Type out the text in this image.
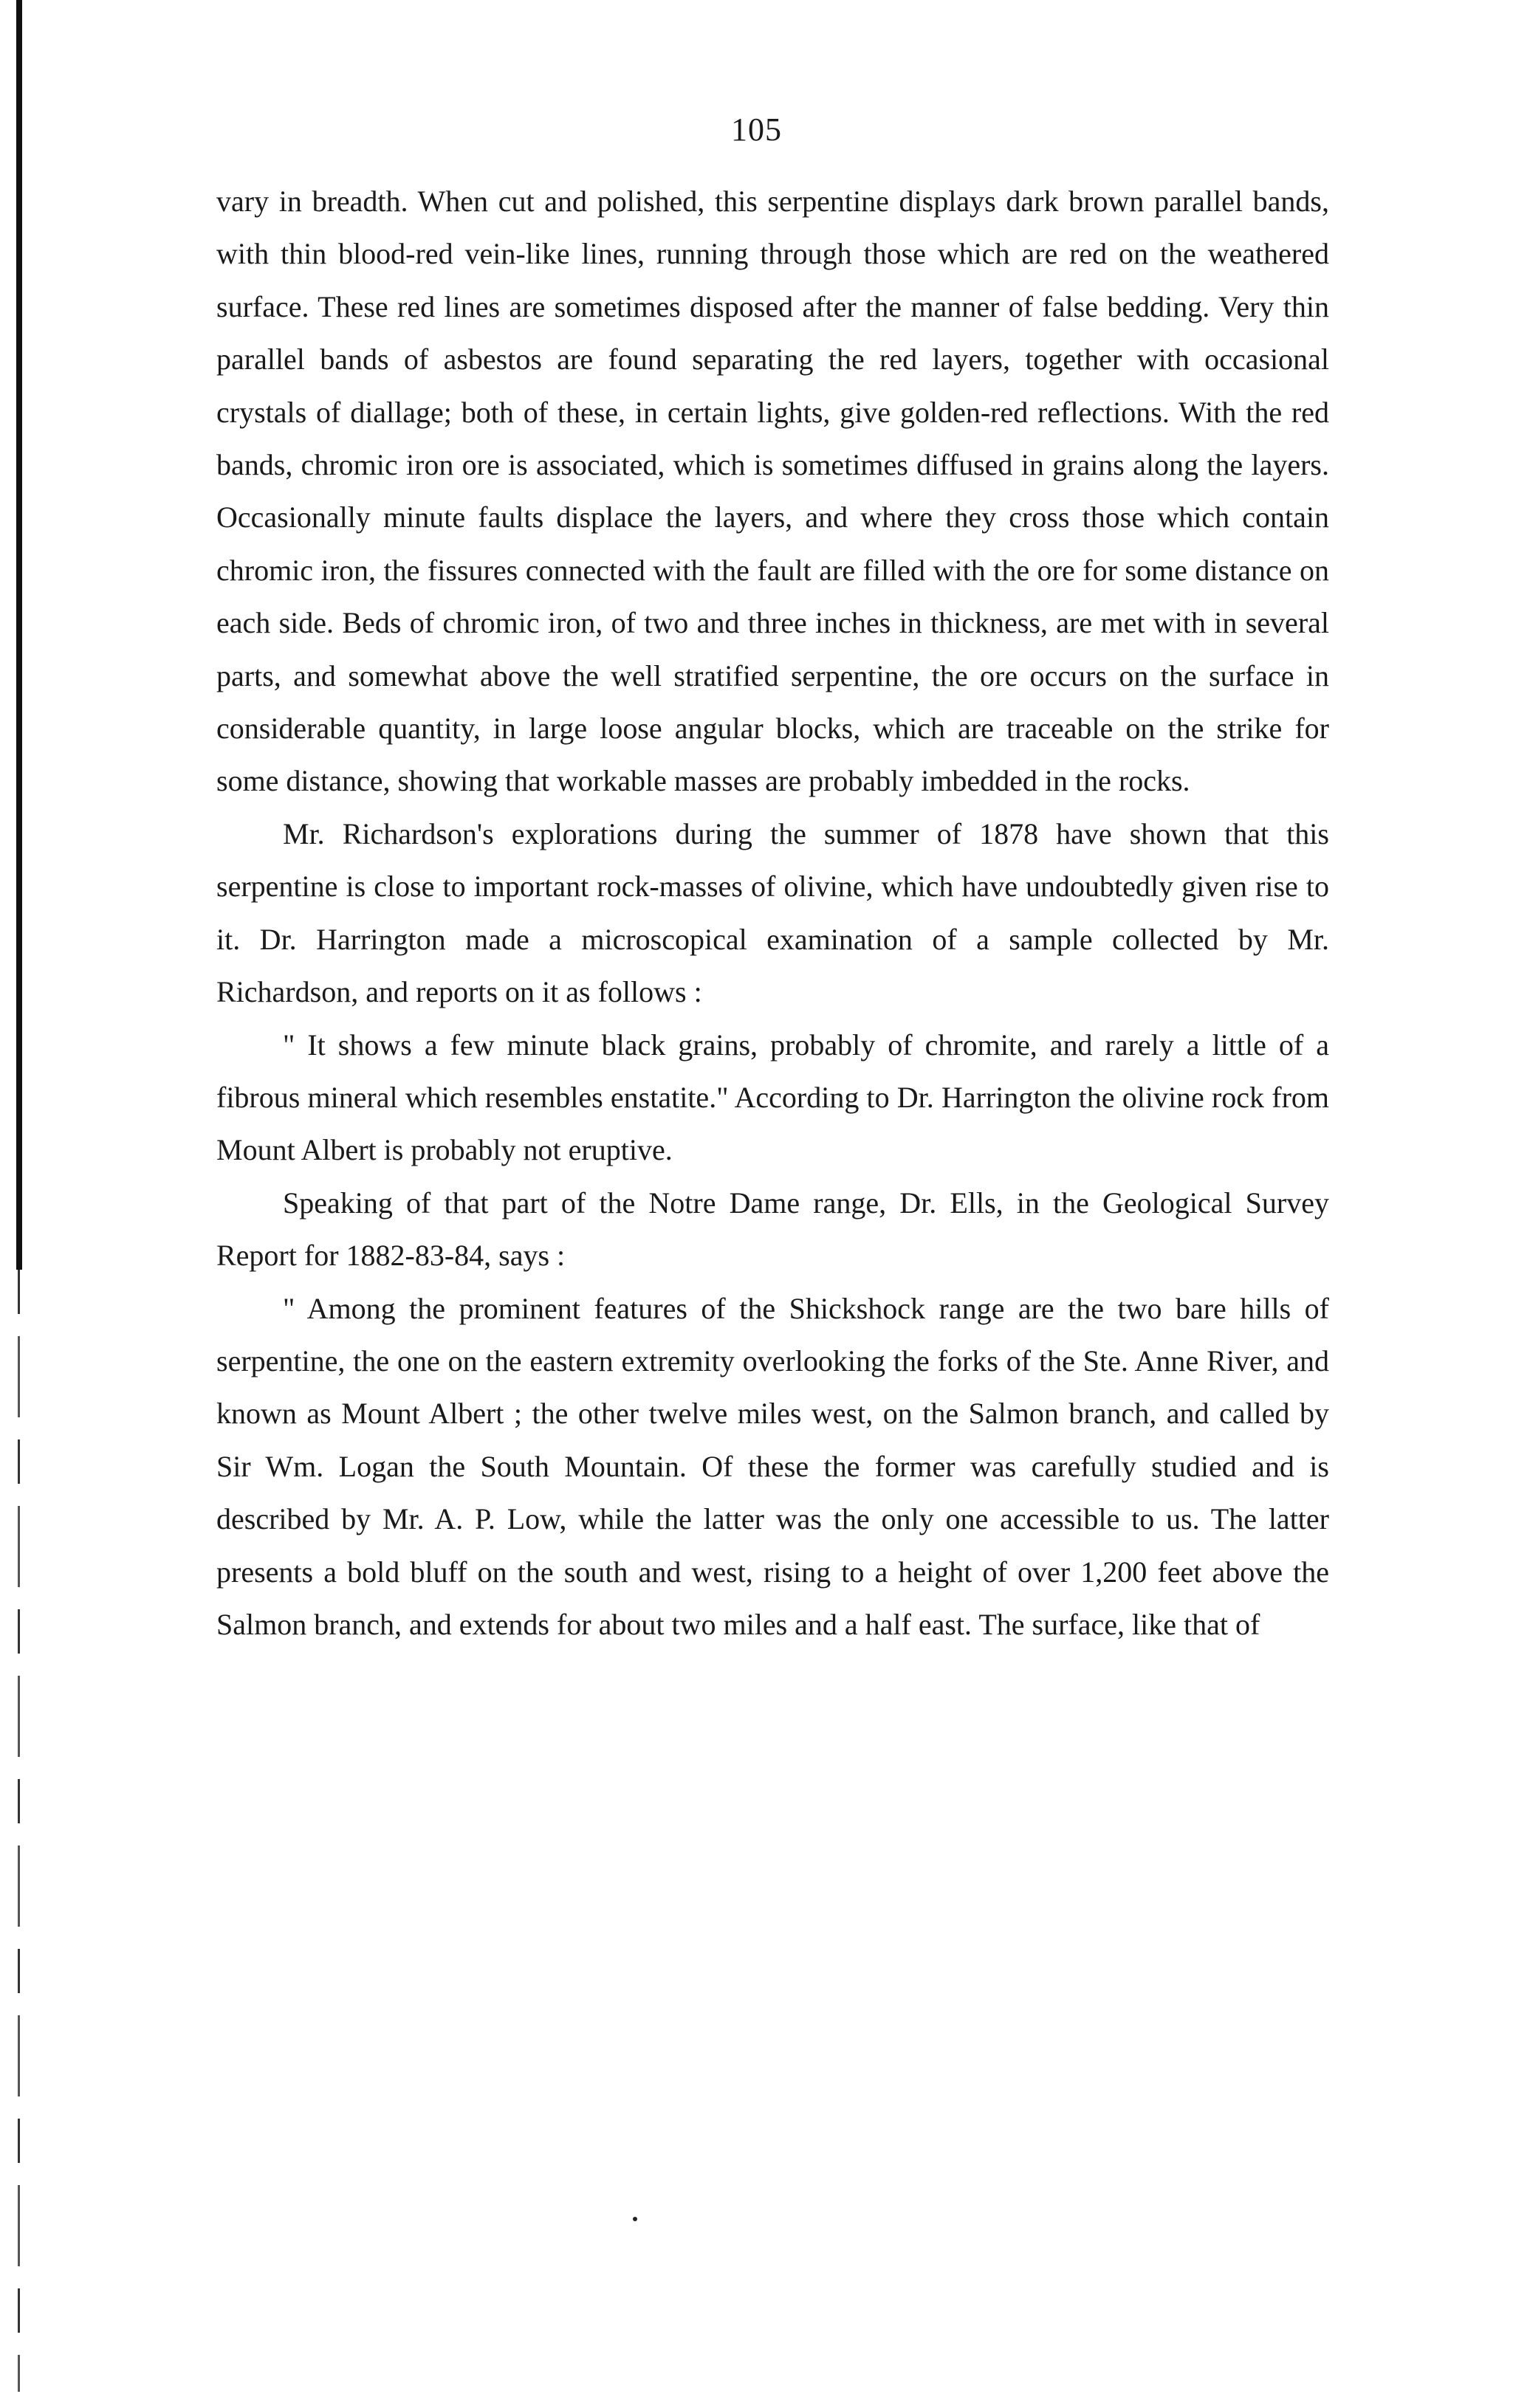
105

vary in breadth. When cut and polished, this serpentine displays dark brown parallel bands, with thin blood-red vein-like lines, running through those which are red on the weathered surface. These red lines are sometimes disposed after the manner of false bedding. Very thin parallel bands of asbestos are found separating the red layers, together with occasional crystals of diallage; both of these, in certain lights, give golden-red reflections. With the red bands, chromic iron ore is associated, which is sometimes diffused in grains along the layers. Occasionally minute faults displace the layers, and where they cross those which contain chromic iron, the fissures connected with the fault are filled with the ore for some distance on each side. Beds of chromic iron, of two and three inches in thickness, are met with in several parts, and somewhat above the well stratified serpentine, the ore occurs on the surface in considerable quantity, in large loose angular blocks, which are traceable on the strike for some distance, showing that workable masses are probably imbedded in the rocks.

Mr. Richardson's explorations during the summer of 1878 have shown that this serpentine is close to important rock-masses of olivine, which have undoubtedly given rise to it. Dr. Harrington made a microscopical examination of a sample collected by Mr. Richardson, and reports on it as follows :

" It shows a few minute black grains, probably of chromite, and rarely a little of a fibrous mineral which resembles enstatite." According to Dr. Harrington the olivine rock from Mount Albert is probably not eruptive.

Speaking of that part of the Notre Dame range, Dr. Ells, in the Geological Survey Report for 1882-83-84, says :

" Among the prominent features of the Shickshock range are the two bare hills of serpentine, the one on the eastern extremity overlooking the forks of the Ste. Anne River, and known as Mount Albert ; the other twelve miles west, on the Salmon branch, and called by Sir Wm. Logan the South Mountain. Of these the former was carefully studied and is described by Mr. A. P. Low, while the latter was the only one accessible to us. The latter presents a bold bluff on the south and west, rising to a height of over 1,200 feet above the Salmon branch, and extends for about two miles and a half east. The surface, like that of
